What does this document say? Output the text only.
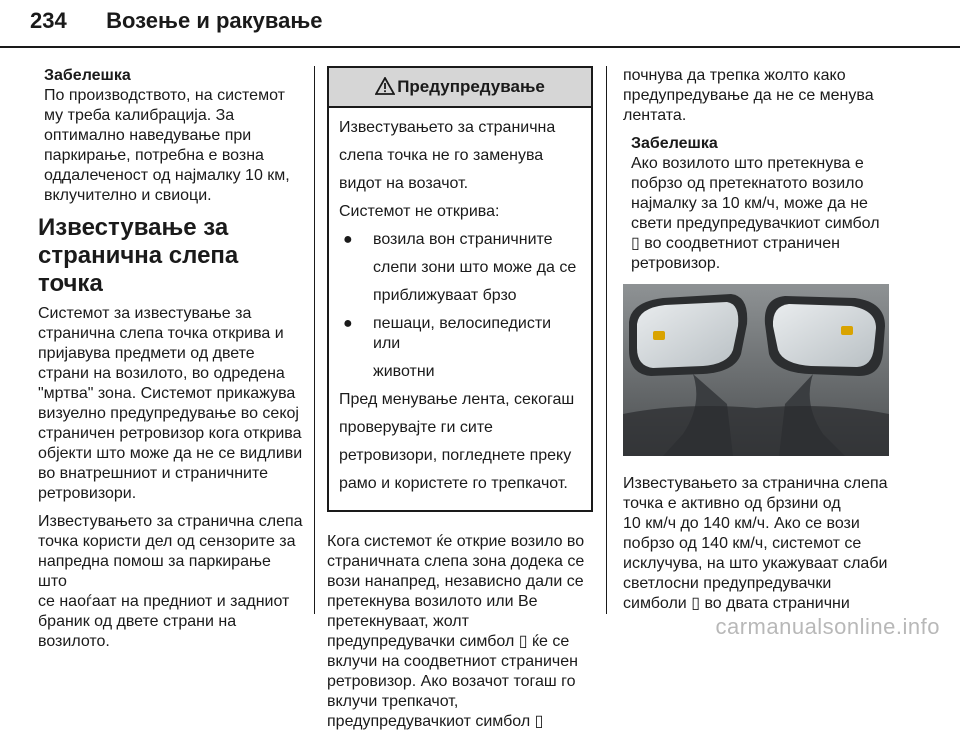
234 Возење и ракување

Забелешка

По производството, на системот

му треба калибрација. За

оптимално наведување при

паркирање, потребна е возна

оддалеченост од најмалку 10 км,

вклучително и свиоци.

Известување за
странична слепа точка

Системот за известување за

странична слепа точка открива и

пријавува предмети од двете

страни на возилото, во одредена

"мртва" зона. Системот прикажува

визуелно предупредување во секој

страничен ретровизор кога открива

објекти што може да не се видливи

во внатрешниот и страничните

ретровизори.

Известувањето за странична слепа

точка користи дел од сензорите за

напредна помош за паркирање што

се наоѓаат на предниот и задниот

браник од двете страни на

возилото.

Предупредување

Известувањето за странична

слепа точка не го заменува

видот на возачот.

Системот не открива:

● возила вон страничните

слепи зони што може да се

приближуваат брзо

● пешаци, велосипедисти или

животни

Пред менување лента, секогаш

проверувајте ги сите

ретровизори, погледнете преку

рамо и користете го трепкачот.

Кога системот ќе открие возило во

страничната слепа зона додека се

вози нанапред, независно дали се

претекнува возилото или Ве

претекнуваат, жолт

предупредувачки симбол ▯ ќе се

вклучи на соодветниот страничен

ретровизор. Ако возачот тогаш го

вклучи трепкачот,

предупредувачкиот симбол ▯

почнува да трепка жолто како

предупредување да не се менува

лентата.

Забелешка

Ако возилото што претекнува е

побрзо од претекнатото возило

најмалку за 10 км/ч, може да не

свети предупредувачкиот симбол

▯ во соодветниот страничен

ретровизор.

Известувањето за странична слепа

точка е активно од брзини од

10 км/ч до 140 км/ч. Ако се вози

побрзо од 140 км/ч, системот се

исклучува, на што укажуваат слаби

светлосни предупредувачки

симболи ▯ во двата странични

carmanualsonline.info
